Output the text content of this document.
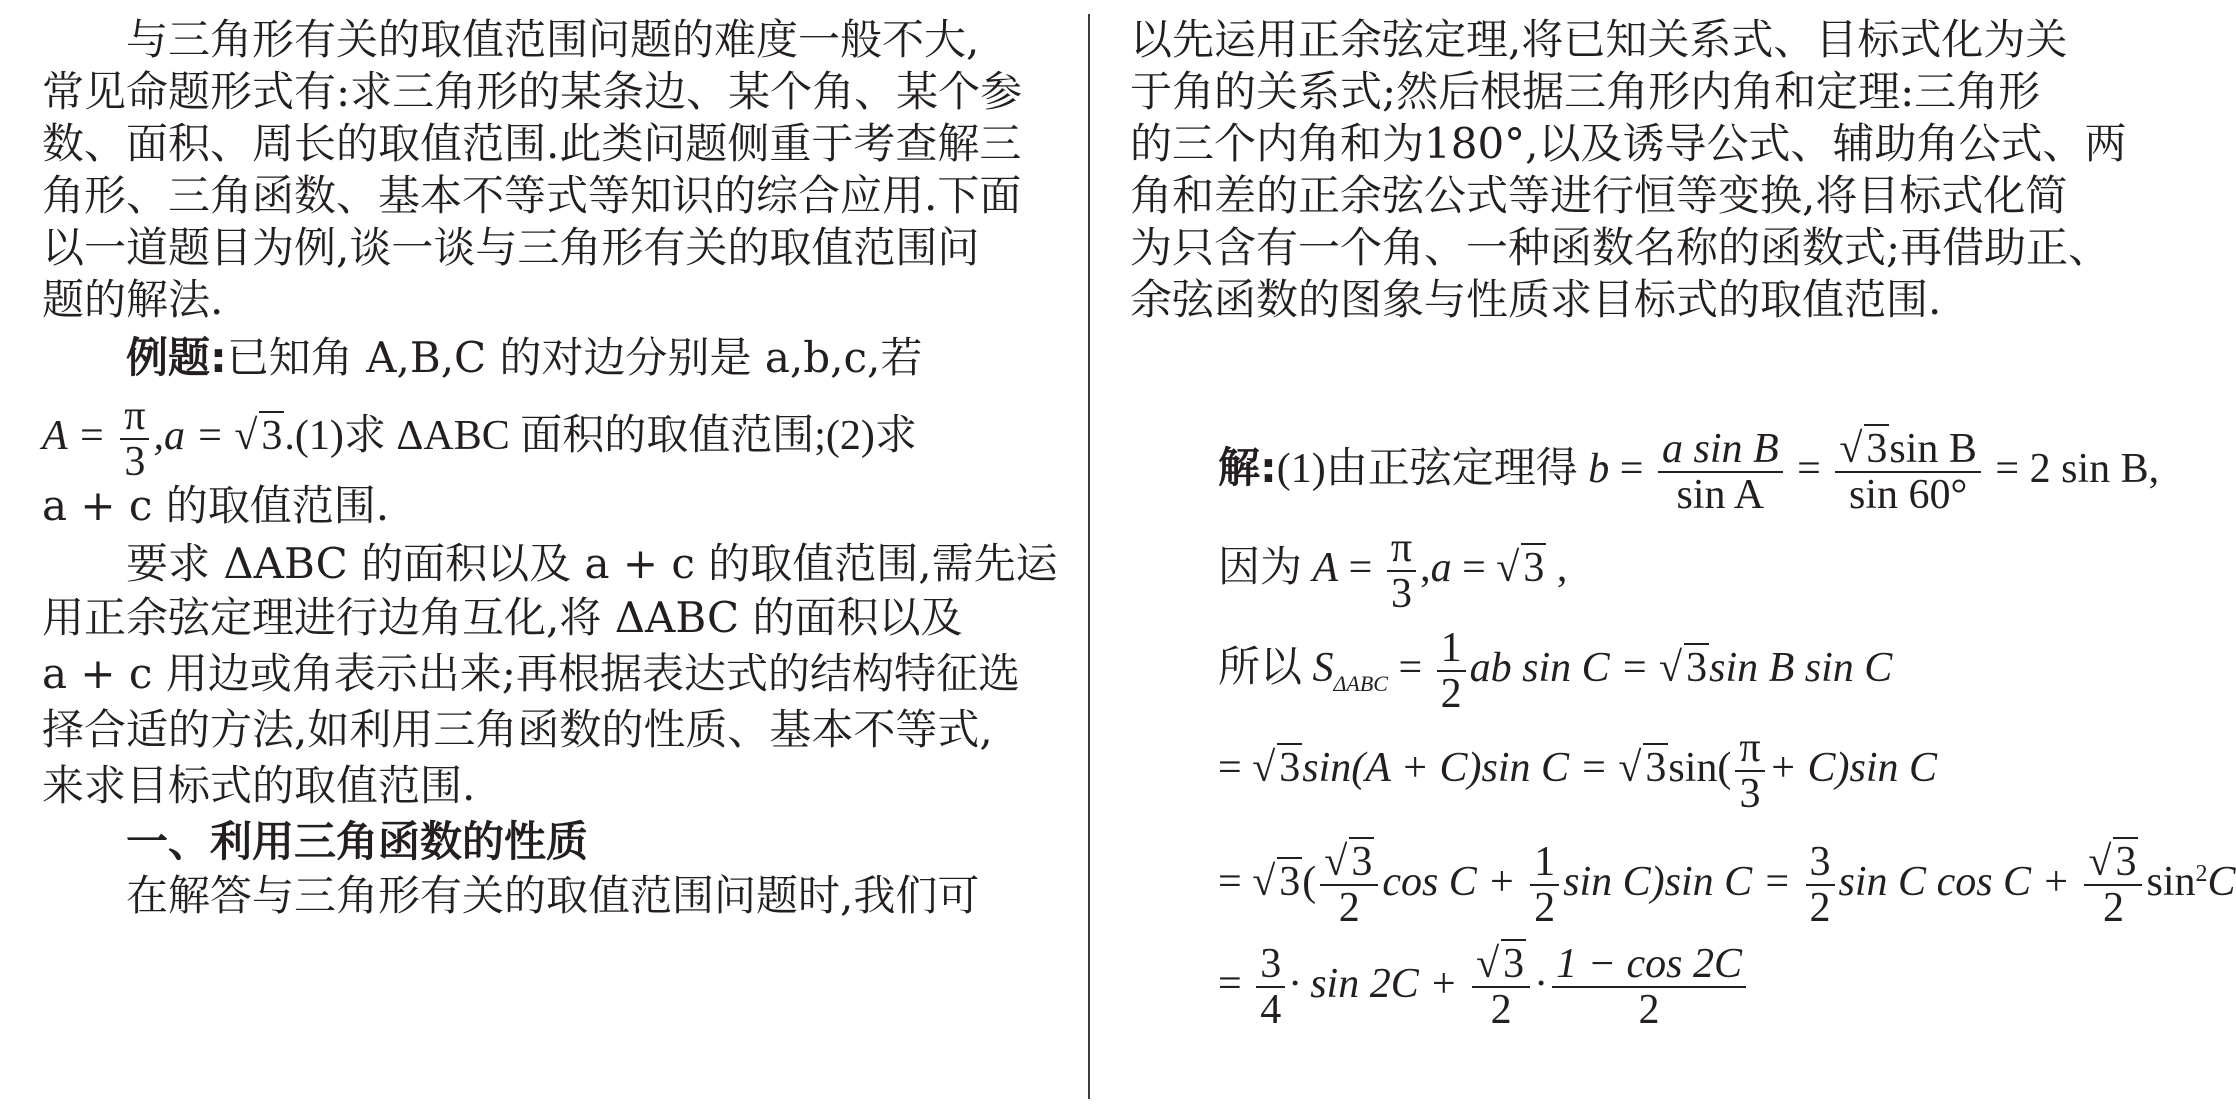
与三角形有关的取值范围问题的难度一般不大,
常见命题形式有:求三角形的某条边、某个角、某个参
数、面积、周长的取值范围.此类问题侧重于考查解三
角形、三角函数、基本不等式等知识的综合应用.下面
以一道题目为例,谈一谈与三角形有关的取值范围问
题的解法.
例题:已知角 A,B,C 的对边分别是 a,b,c,若
$A = \frac{\pi}{3} ,a = √3.(1)$求 ΔABC 面积的取值范围;(2)求
a + c 的取值范围.
要求 ΔABC 的面积以及 a + c 的取值范围,需先运
用正余弦定理进行边角互化,将 ΔABC 的面积以及
a + c 用边或角表示出来;再根据表达式的结构特征选
择合适的方法,如利用三角函数的性质、基本不等式,
来求目标式的取值范围.
一、利用三角函数的性质
在解答与三角形有关的取值范围问题时,我们可
以先运用正余弦定理,将已知关系式、目标式化为关
于角的关系式;然后根据三角形内角和定理:三角形
的三个内角和为180°,以及诱导公式、辅助角公式、两
角和差的正余弦公式等进行恒等变换,将目标式化简
为只含有一个角、一种函数名称的函数式;再借助正、
余弦函数的图象与性质求目标式的取值范围.
解:(1)由正弦定理得 $b = \frac{\text{a sin B}}{\text{sin A}} = \frac{\text{√3sin B}}{\sin 60^\circ} = 2$ sin B,
因为 $A = \frac{\pi}{3} ,a = √3$ ,
所以 $S_{\Delta ABC} = \frac{1}{2}$ ab sin C = √3sin B sin C
= √3sin(A + C)sin $C = √3\sin( \frac{\pi}{3} + C)\sin$ C
= $√3( \frac{√3}{2}$ $\cos C + \frac{1}{2}$ sin C)sin $C = \frac{3}{2}$ sin C $\cos C + \frac{√3}{2} \sin^2C$
= $\frac{3}{4} \cdot \sin 2C + \frac{√3}{2} \cdot \frac{1 - \cos 2C}{2}$
